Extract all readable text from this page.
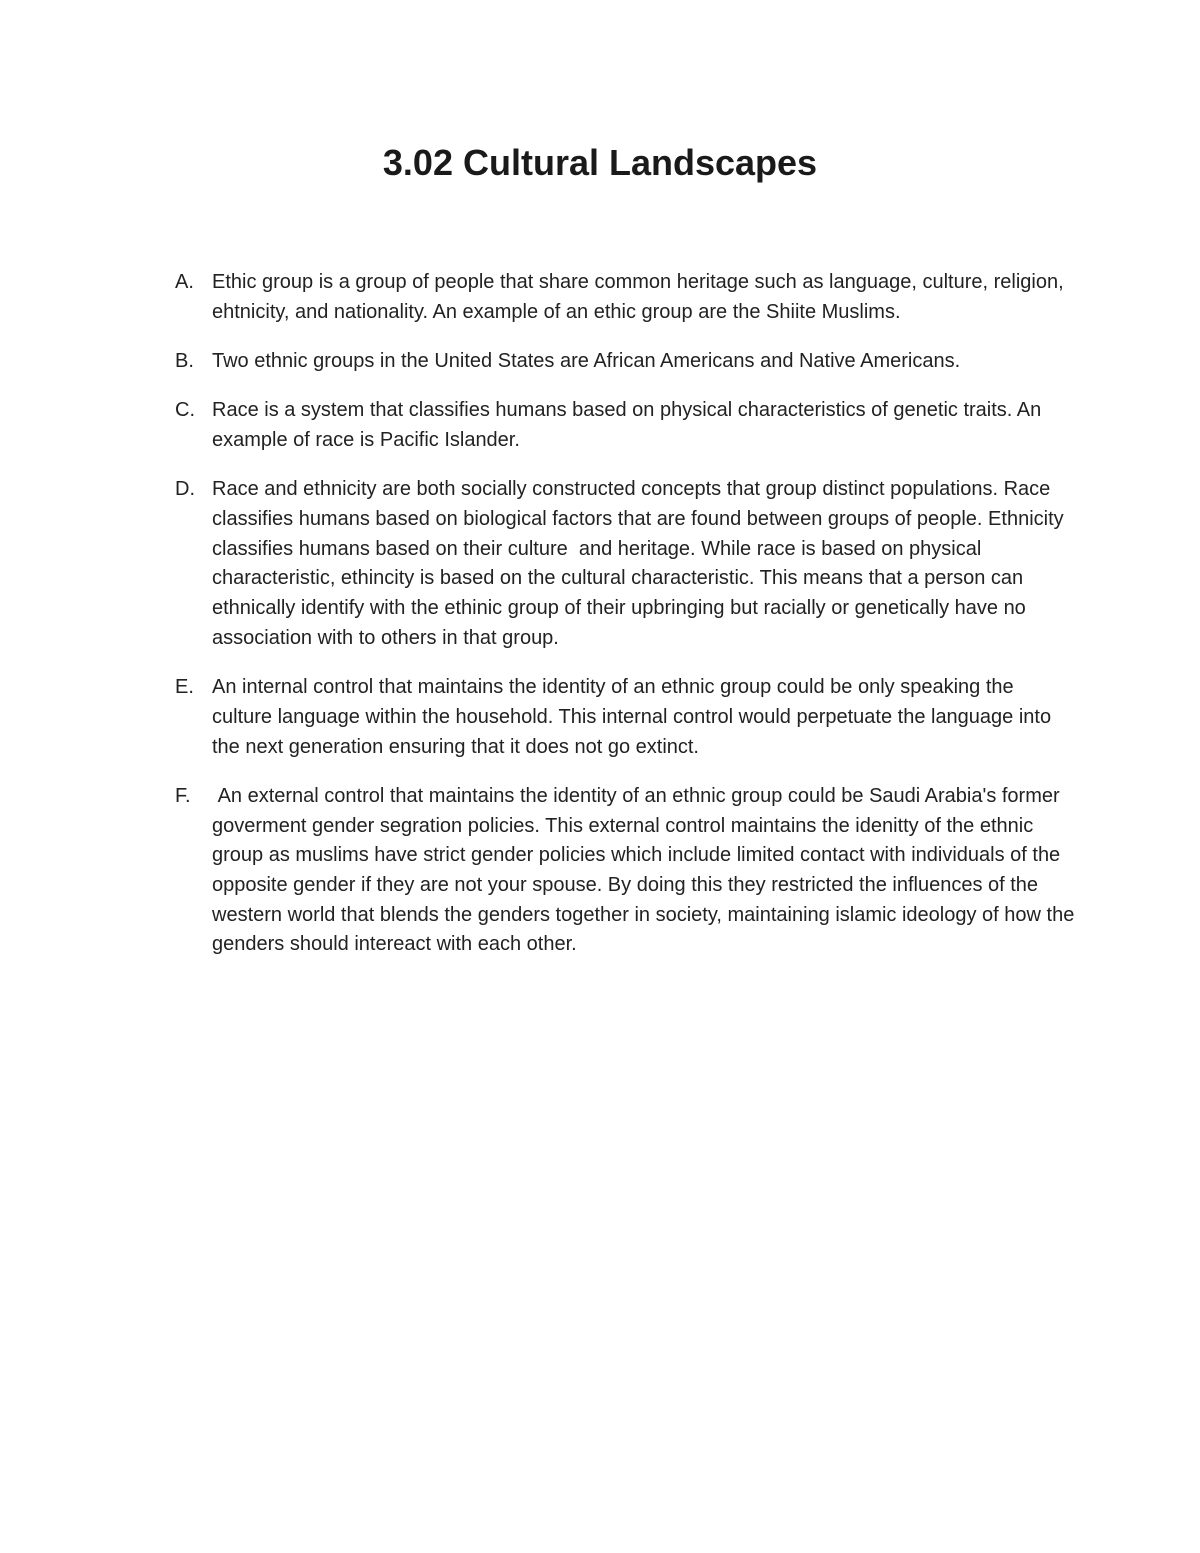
3.02 Cultural Landscapes
A. Ethic group is a group of people that share common heritage such as language, culture, religion, ehtnicity, and nationality. An example of an ethic group are the Shiite Muslims.
B. Two ethnic groups in the United States are African Americans and Native Americans.
C. Race is a system that classifies humans based on physical characteristics of genetic traits. An example of race is Pacific Islander.
D. Race and ethnicity are both socially constructed concepts that group distinct populations. Race classifies humans based on biological factors that are found between groups of people. Ethnicity classifies humans based on their culture  and heritage. While race is based on physical characteristic, ethincity is based on the cultural characteristic. This means that a person can ethnically identify with the ethinic group of their upbringing but racially or genetically have no association with to others in that group.
E. An internal control that maintains the identity of an ethnic group could be only speaking the culture language within the household. This internal control would perpetuate the language into the next generation ensuring that it does not go extinct.
F.	An external control that maintains the identity of an ethnic group could be Saudi Arabia's former goverment gender segration policies. This external control maintains the idenitty of the ethnic group as muslims have strict gender policies which include limited contact with individuals of the opposite gender if they are not your spouse. By doing this they restricted the influences of the western world that blends the genders together in society, maintaining islamic ideology of how the genders should intereact with each other.
